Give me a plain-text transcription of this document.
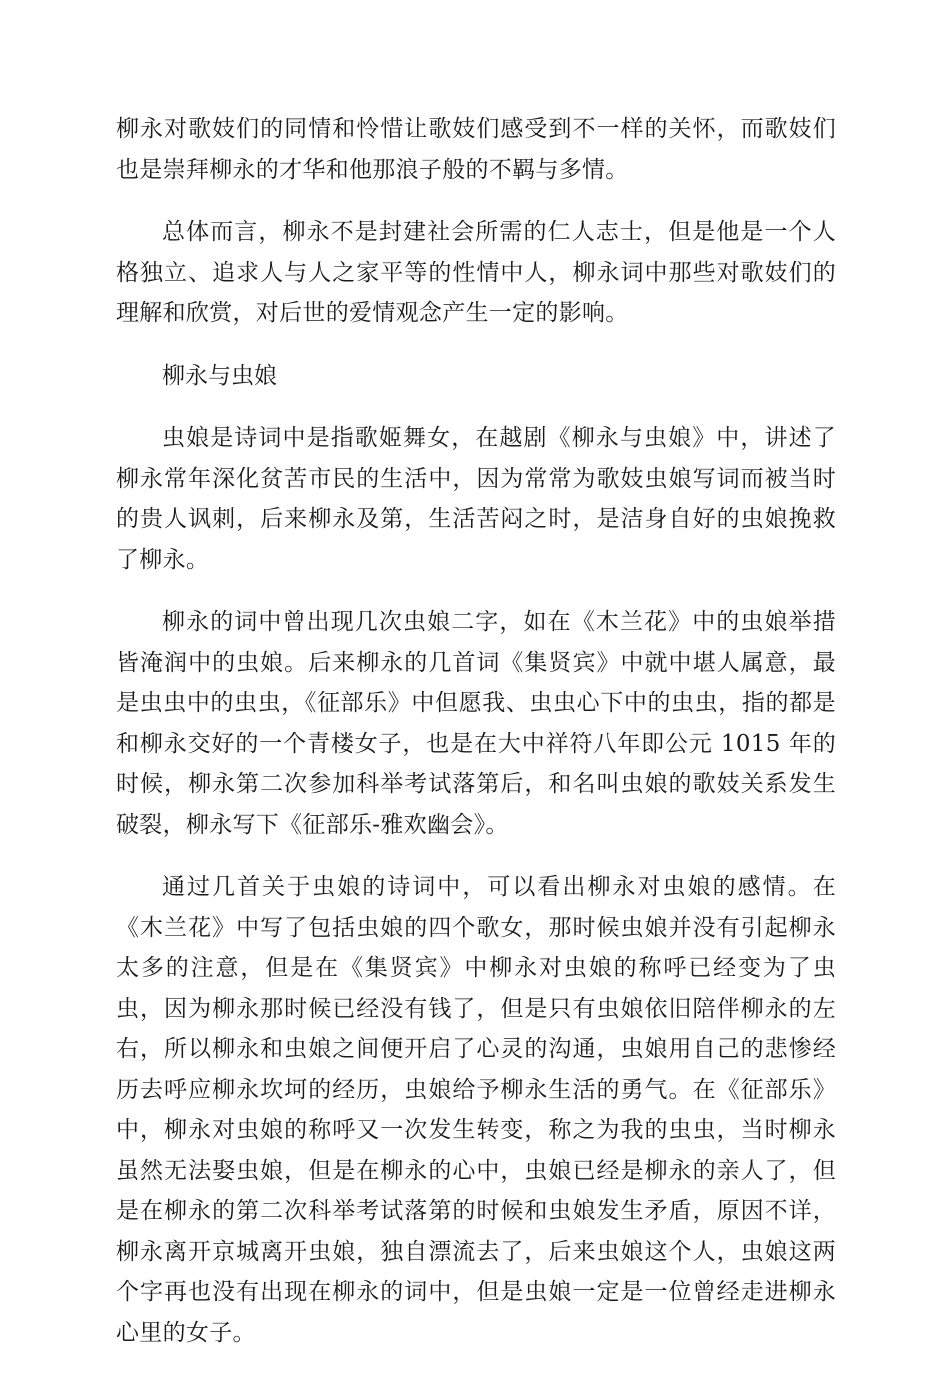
柳永对歌妓们的同情和怜惜让歌妓们感受到不一样的关怀，而歌妓们也是崇拜柳永的才华和他那浪子般的不羁与多情。

总体而言，柳永不是封建社会所需的仁人志士，但是他是一个人格独立、追求人与人之家平等的性情中人，柳永词中那些对歌妓们的理解和欣赏，对后世的爱情观念产生一定的影响。

柳永与虫娘

虫娘是诗词中是指歌姬舞女，在越剧《柳永与虫娘》中，讲述了柳永常年深化贫苦市民的生活中，因为常常为歌妓虫娘写词而被当时的贵人讽刺，后来柳永及第，生活苦闷之时，是洁身自好的虫娘挽救了柳永。

柳永的词中曾出现几次虫娘二字，如在《木兰花》中的虫娘举措皆淹润中的虫娘。后来柳永的几首词《集贤宾》中就中堪人属意，最是虫虫中的虫虫，《征部乐》中但愿我、虫虫心下中的虫虫，指的都是和柳永交好的一个青楼女子，也是在大中祥符八年即公元 1015 年的时候，柳永第二次参加科举考试落第后，和名叫虫娘的歌妓关系发生破裂，柳永写下《征部乐-雅欢幽会》。

通过几首关于虫娘的诗词中，可以看出柳永对虫娘的感情。在《木兰花》中写了包括虫娘的四个歌女，那时候虫娘并没有引起柳永太多的注意，但是在《集贤宾》中柳永对虫娘的称呼已经变为了虫虫，因为柳永那时候已经没有钱了，但是只有虫娘依旧陪伴柳永的左右，所以柳永和虫娘之间便开启了心灵的沟通，虫娘用自己的悲惨经历去呼应柳永坎坷的经历，虫娘给予柳永生活的勇气。在《征部乐》中，柳永对虫娘的称呼又一次发生转变，称之为我的虫虫，当时柳永虽然无法娶虫娘，但是在柳永的心中，虫娘已经是柳永的亲人了，但是在柳永的第二次科举考试落第的时候和虫娘发生矛盾，原因不详，柳永离开京城离开虫娘，独自漂流去了，后来虫娘这个人，虫娘这两个字再也没有出现在柳永的词中，但是虫娘一定是一位曾经走进柳永心里的女子。
